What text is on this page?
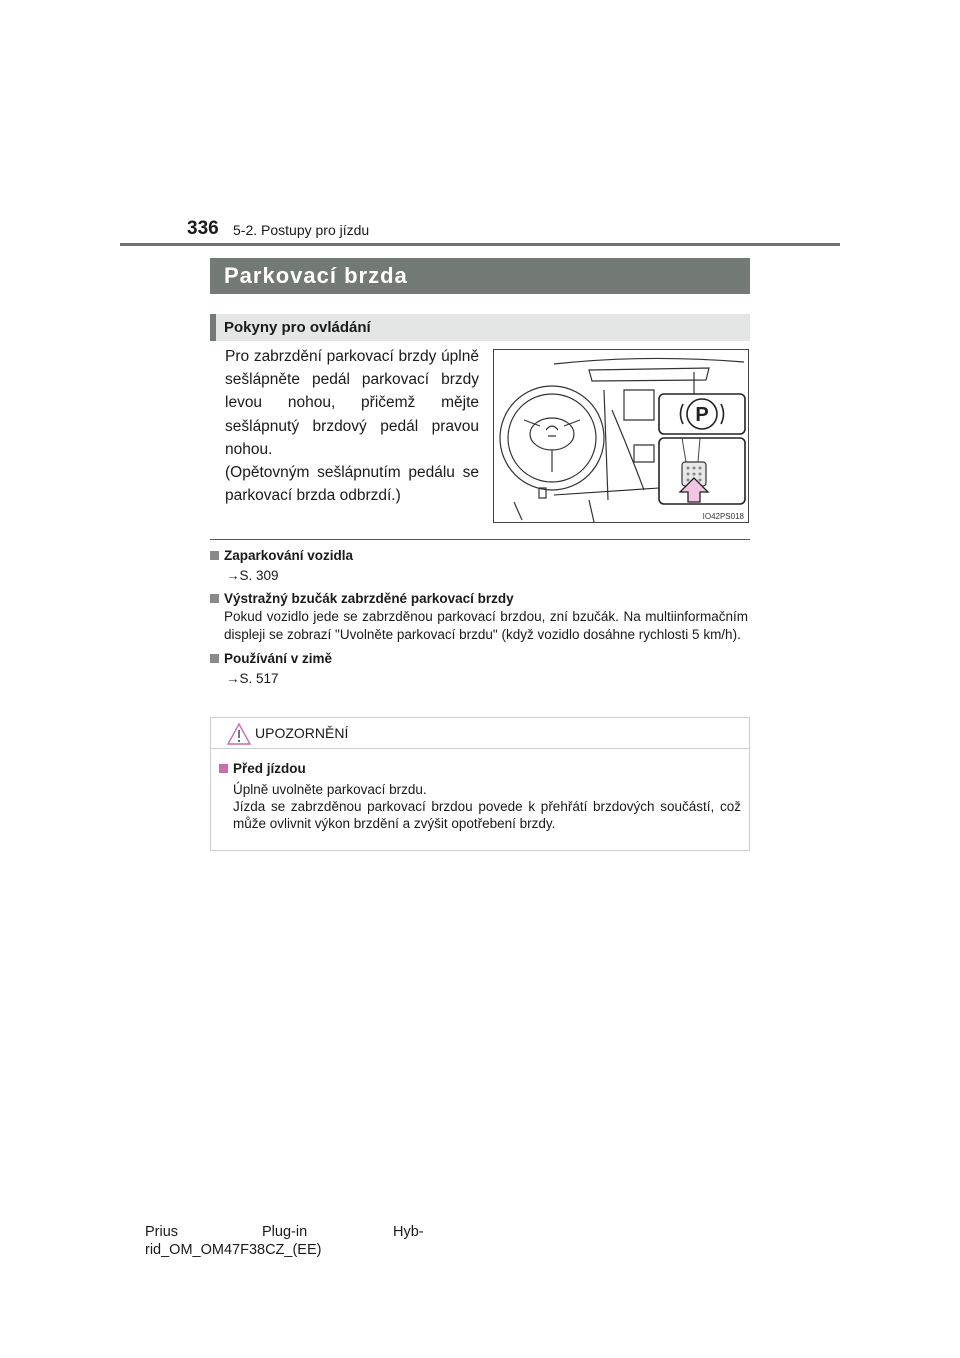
336 5-2. Postupy pro jízdu
Parkovací brzda
Pokyny pro ovládání

Pro zabrzdění parkovací brzdy úplně sešlápněte pedál parkovací brzdy levou nohou, přičemž mějte sešlápnutý brzdový pedál pravou nohou.

(Opětovným sešlápnutím pedálu se parkovací brzda odbrzdí.)

P
IO42PS018
Zaparkování vozidla
→S. 309
Výstražný bzučák zabrzděné parkovací brzdy
Pokud vozidlo jede se zabrzděnou parkovací brzdou, zní bzučák. Na multiinformačním displeji se zobrazí "Uvolněte parkovací brzdu" (když vozidlo dosáhne rychlosti 5 km/h).
Používání v zimě
→S. 517
UPOZORNĚNÍ
Před jízdou
Úplně uvolněte parkovací brzdu.
Jízda se zabrzděnou parkovací brzdou povede k přehřátí brzdových součástí, což může ovlivnit výkon brzdění a zvýšit opotřebení brzdy.
Prius	Plug-in	Hyb-
rid_OM_OM47F38CZ_(EE)
